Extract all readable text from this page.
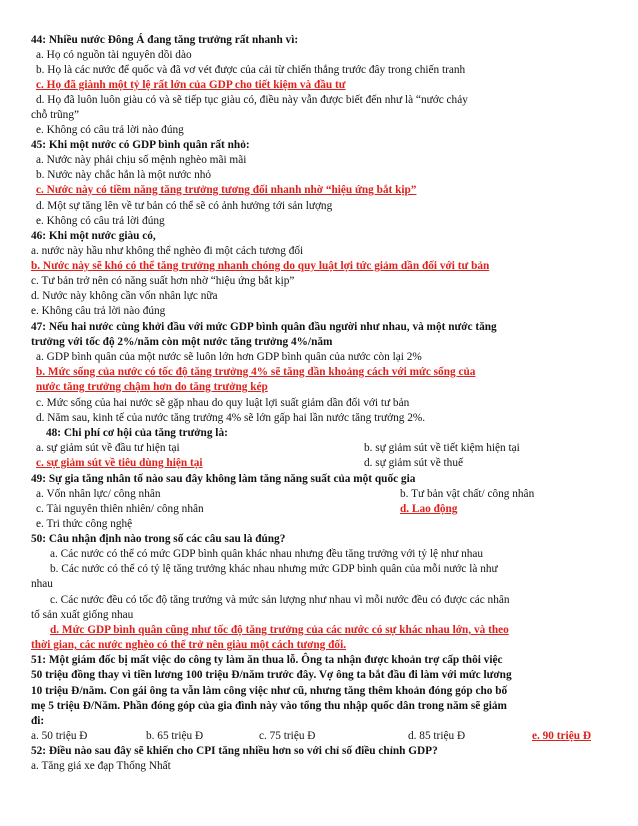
44: Nhiều nước Đông Á đang tăng trưởng rất nhanh vì:
a. Họ có nguồn tài nguyên dồi dào
b. Họ là các nước để quốc và đã vơ vét được của cải từ chiến thắng trước đây trong chiến tranh
c. Họ đã giành một tỷ lệ rất lớn của GDP cho tiết kiệm và đầu tư
d. Họ đã luôn luôn giàu có và sẽ tiếp tục giàu có, điều này vẫn được biết đến như là “nước chảy
chỗ trũng”
e. Không có câu trả lời nào đúng
45: Khi một nước có GDP bình quân rất nhỏ:
a. Nước này phải chịu số mệnh nghèo mãi mãi
b. Nước này chắc hẳn là một nước nhỏ
c. Nước này có tiềm năng tăng trưởng tương đối nhanh nhờ “hiệu ứng bắt kịp”
d. Một sự tăng lên về tư bản có thể sẽ có ảnh hưởng tới sản lượng
e. Không có câu trả lời đúng
46: Khi một nước giàu có,
a. nước này hầu như không thể nghèo đi một cách tương đối
b. Nước này sẽ khó có thể tăng trưởng nhanh chóng do quy luật lợi tức giảm dần đối với tư bản
c. Tư bản trở nên có năng suất hơn nhờ “hiệu ứng bắt kịp”
d. Nước này không cần vốn nhân lực nữa
e. Không câu trả lời nào đúng
47: Nếu hai nước cùng khởi đầu với mức GDP bình quân đầu người như nhau, và một nước tăng
trưởng với tốc độ 2%/năm còn một nước tăng trưởng 4%/năm
a. GDP bình quân của một nước sẽ luôn lớn hơn GDP bình quân của nước còn lại 2%
b. Mức sống của nước có tốc độ tăng trưởng 4% sẽ tăng dần khoảng cách với mức sống của
nước tăng trưởng chậm hơn do tăng trưởng kép
c. Mức sống của hai nước sẽ gặp nhau do quy luật lợi suất giảm dần đối với tư bản
d. Năm sau, kinh tế của nước tăng trưởng 4% sẽ lớn gấp hai lần nước tăng trưởng 2%.
48: Chi phí cơ hội của tăng trưởng là:
a. sự giảm sút về đầu tư hiện tại	b. sự giảm sút về tiết kiệm hiện tại
c. sự giảm sút về tiêu dùng hiện tại	d. sự giảm sút về thuế
49: Sự gia tăng nhân tố nào sau đây không làm tăng năng suất của một quốc gia
a. Vốn nhân lực/ công nhân	b. Tư bản vật chất/ công nhân
c. Tài nguyên thiên nhiên/ công nhân	d. Lao động
e. Tri thức công nghệ
50: Câu nhận định nào trong số các câu sau là đúng?
a. Các nước có thể có mức GDP bình quân khác nhau nhưng đều tăng trưởng với tỷ lệ như nhau
b. Các nước có thể có tỷ lệ tăng trưởng khác nhau nhưng mức GDP bình quân của mỗi nước là như
nhau
c. Các nước đều có tốc độ tăng trưởng và mức sản lượng như nhau vì mỗi nước đều có được các nhân
tố sản xuất giống nhau
d. Mức GDP bình quân cũng như tốc độ tăng trưởng của các nước có sự khác nhau lớn, và theo
thời gian, các nước nghèo có thể trở nên giàu một cách tương đối.
51: Một giám đốc bị mất việc do công ty làm ăn thua lỗ. Ông ta nhận được khoản trợ cấp thôi việc
50 triệu đồng thay vì tiền lương 100 triệu Đ/năm trước đây. Vợ ông ta bắt đầu đi làm với mức lương
10 triệu Đ/năm. Con gái ông ta vẫn làm công việc như cũ, nhưng tăng thêm khoản đóng góp cho bố
mẹ 5 triệu Đ/Năm. Phần đóng góp của gia đình này vào tổng thu nhập quốc dân trong năm sẽ giảm
đi:
a. 50 triệu Đ	b. 65 triệu Đ	c. 75 triệu Đ	d. 85 triệu Đ	e. 90 triệu Đ
52: Điều nào sau đây sẽ khiến cho CPI tăng nhiều hơn so với chỉ số điều chỉnh GDP?
a. Tăng giá xe đạp Thống Nhất
